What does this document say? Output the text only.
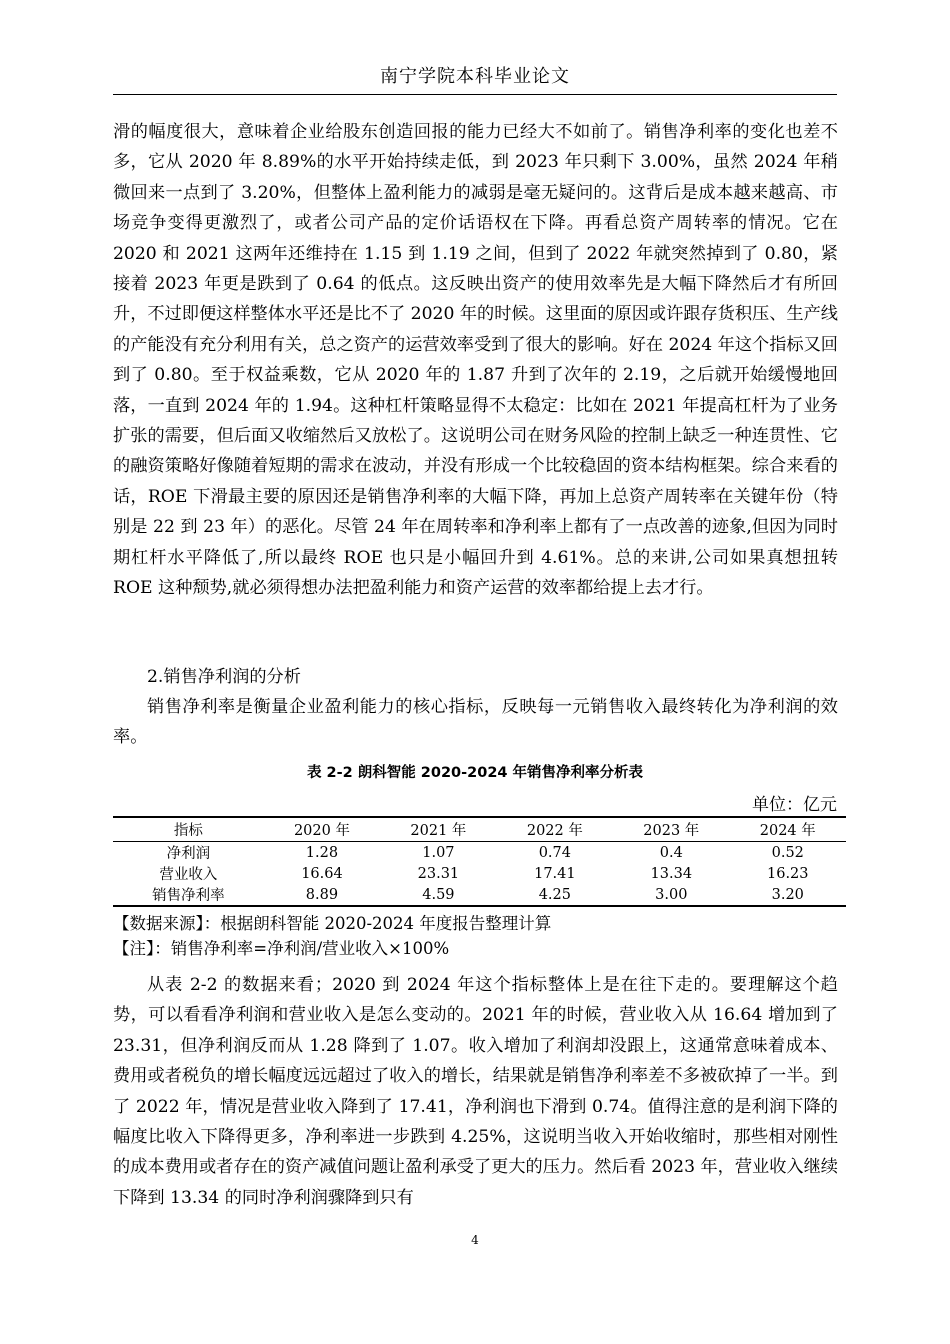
南宁学院本科毕业论文

滑的幅度很大，意味着企业给股东创造回报的能力已经大不如前了。销售净利率的变化也差不多，它从 2020 年 8.89%的水平开始持续走低，到 2023 年只剩下 3.00%，虽然 2024 年稍微回来一点到了 3.20%，但整体上盈利能力的减弱是毫无疑问的。这背后是成本越来越高、市场竞争变得更激烈了，或者公司产品的定价话语权在下降。再看总资产周转率的情况。它在 2020 和 2021 这两年还维持在 1.15 到 1.19 之间，但到了 2022 年就突然掉到了 0.80，紧接着 2023 年更是跌到了 0.64 的低点。这反映出资产的使用效率先是大幅下降然后才有所回升，不过即便这样整体水平还是比不了 2020 年的时候。这里面的原因或许跟存货积压、生产线的产能没有充分利用有关，总之资产的运营效率受到了很大的影响。好在 2024 年这个指标又回到了 0.80。至于权益乘数，它从 2020 年的 1.87 升到了次年的 2.19，之后就开始缓慢地回落，一直到 2024 年的 1.94。这种杠杆策略显得不太稳定：比如在 2021 年提高杠杆为了业务扩张的需要，但后面又收缩然后又放松了。这说明公司在财务风险的控制上缺乏一种连贯性、它的融资策略好像随着短期的需求在波动，并没有形成一个比较稳固的资本结构框架。综合来看的话，ROE 下滑最主要的原因还是销售净利率的大幅下降，再加上总资产周转率在关键年份（特别是 22 到 23 年）的恶化。尽管 24 年在周转率和净利率上都有了一点改善的迹象,但因为同时期杠杆水平降低了,所以最终 ROE 也只是小幅回升到 4.61%。总的来讲,公司如果真想扭转 ROE 这种颓势,就必须得想办法把盈利能力和资产运营的效率都给提上去才行。

2.销售净利润的分析

销售净利率是衡量企业盈利能力的核心指标，反映每一元销售收入最终转化为净利润的效率。

表 2-2 朗科智能 2020-2024 年销售净利率分析表
单位：亿元
指标	2020 年	2021 年	2022 年	2023 年	2024 年
净利润	1.28	1.07	0.74	0.4	0.52
营业收入	16.64	23.31	17.41	13.34	16.23
销售净利率	8.89	4.59	4.25	3.00	3.20

【数据来源】：根据朗科智能 2020-2024 年度报告整理计算

【注】：销售净利率=净利润/营业收入×100%

从表 2-2 的数据来看；2020 到 2024 年这个指标整体上是在往下走的。要理解这个趋势，可以看看净利润和营业收入是怎么变动的。2021 年的时候，营业收入从 16.64 增加到了 23.31，但净利润反而从 1.28 降到了 1.07。收入增加了利润却没跟上，这通常意味着成本、费用或者税负的增长幅度远远超过了收入的增长，结果就是销售净利率差不多被砍掉了一半。到了 2022 年，情况是营业收入降到了 17.41，净利润也下滑到 0.74。值得注意的是利润下降的幅度比收入下降得更多，净利率进一步跌到 4.25%，这说明当收入开始收缩时，那些相对刚性的成本费用或者存在的资产减值问题让盈利承受了更大的压力。然后看 2023 年，营业收入继续下降到 13.34 的同时净利润骤降到只有

4
